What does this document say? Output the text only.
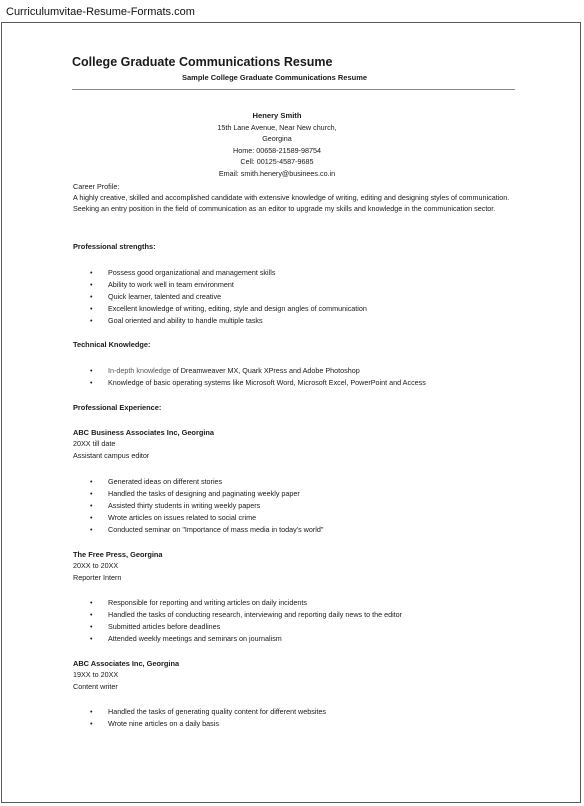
Curriculumvitae-Resume-Formats.com
College Graduate Communications Resume
Sample College Graduate Communications Resume
Henery Smith
15th Lane Avenue, Near New church, Georgina
Home: 00658-21589-98754
Cell: 00125-4587-9685
Email: smith.henery@businees.co.in
Career Profile:

A highly creative, skilled and accomplished candidate with extensive knowledge of writing, editing and designing styles of communication. Seeking an entry position in the field of communication as an editor to upgrade my skills and knowledge in the communication sector.

Professional strengths:
• Possess good organizational and management skills
• Ability to work well in team environment
• Quick learner, talented and creative
• Excellent knowledge of writing, editing, style and design angles of communication
• Goal oriented and ability to handle multiple tasks
Technical Knowledge:
• In-depth knowledge of Dreamweaver MX, Quark XPress and Adobe Photoshop
• Knowledge of basic operating systems like Microsoft Word, Microsoft Excel, PowerPoint and Access
Professional Experience:
ABC Business Associates Inc, Georgina
20XX till date
Assistant campus editor
• Generated ideas on different stories
• Handled the tasks of designing and paginating weekly paper
• Assisted thirty students in writing weekly papers
• Wrote articles on issues related to social crime
• Conducted seminar on "Importance of mass media in today's world"
The Free Press, Georgina
20XX to 20XX
Reporter Intern
• Responsible for reporting and writing articles on daily incidents
• Handled the tasks of conducting research, interviewing and reporting daily news to the editor
• Submitted articles before deadlines
• Attended weekly meetings and seminars on journalism
ABC Associates Inc, Georgina
19XX to 20XX
Content writer
• Handled the tasks of generating quality content for different websites
• Wrote nine articles on a daily basis
